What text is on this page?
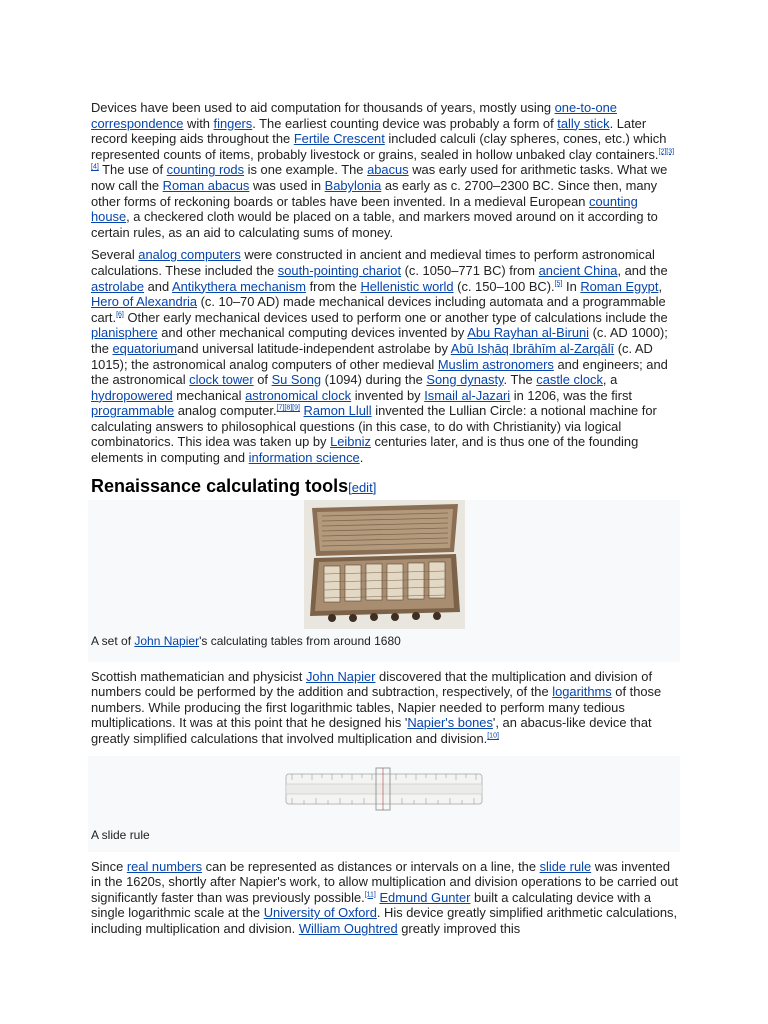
Devices have been used to aid computation for thousands of years, mostly using one-to-one correspondence with fingers. The earliest counting device was probably a form of tally stick. Later record keeping aids throughout the Fertile Crescent included calculi (clay spheres, cones, etc.) which represented counts of items, probably livestock or grains, sealed in hollow unbaked clay containers.[2][3][4] The use of counting rods is one example. The abacus was early used for arithmetic tasks. What we now call the Roman abacus was used in Babylonia as early as c. 2700–2300 BC. Since then, many other forms of reckoning boards or tables have been invented. In a medieval European counting house, a checkered cloth would be placed on a table, and markers moved around on it according to certain rules, as an aid to calculating sums of money.

Several analog computers were constructed in ancient and medieval times to perform astronomical calculations. These included the south-pointing chariot (c. 1050–771 BC) from ancient China, and the astrolabe and Antikythera mechanism from the Hellenistic world (c. 150–100 BC).[5] In Roman Egypt, Hero of Alexandria (c. 10–70 AD) made mechanical devices including automata and a programmable cart.[6] Other early mechanical devices used to perform one or another type of calculations include the planisphere and other mechanical computing devices invented by Abu Rayhan al-Biruni (c. AD 1000); the equatoriumand universal latitude-independent astrolabe by Abū Isḥāq Ibrāhīm al-Zarqālī (c. AD 1015); the astronomical analog computers of other medieval Muslim astronomers and engineers; and the astronomical clock tower of Su Song (1094) during the Song dynasty. The castle clock, a hydropowered mechanical astronomical clock invented by Ismail al-Jazari in 1206, was the first programmable analog computer.[7][8][9] Ramon Llull invented the Lullian Circle: a notional machine for calculating answers to philosophical questions (in this case, to do with Christianity) via logical combinatorics. This idea was taken up by Leibniz centuries later, and is thus one of the founding elements in computing and information science.

Renaissance calculating tools[edit]
A set of John Napier's calculating tables from around 1680

Scottish mathematician and physicist John Napier discovered that the multiplication and division of numbers could be performed by the addition and subtraction, respectively, of the logarithms of those numbers. While producing the first logarithmic tables, Napier needed to perform many tedious multiplications. It was at this point that he designed his 'Napier's bones', an abacus-like device that greatly simplified calculations that involved multiplication and division.[10]

A slide rule

Since real numbers can be represented as distances or intervals on a line, the slide rule was invented in the 1620s, shortly after Napier's work, to allow multiplication and division operations to be carried out significantly faster than was previously possible.[11] Edmund Gunter built a calculating device with a single logarithmic scale at the University of Oxford. His device greatly simplified arithmetic calculations, including multiplication and division. William Oughtred greatly improved this
